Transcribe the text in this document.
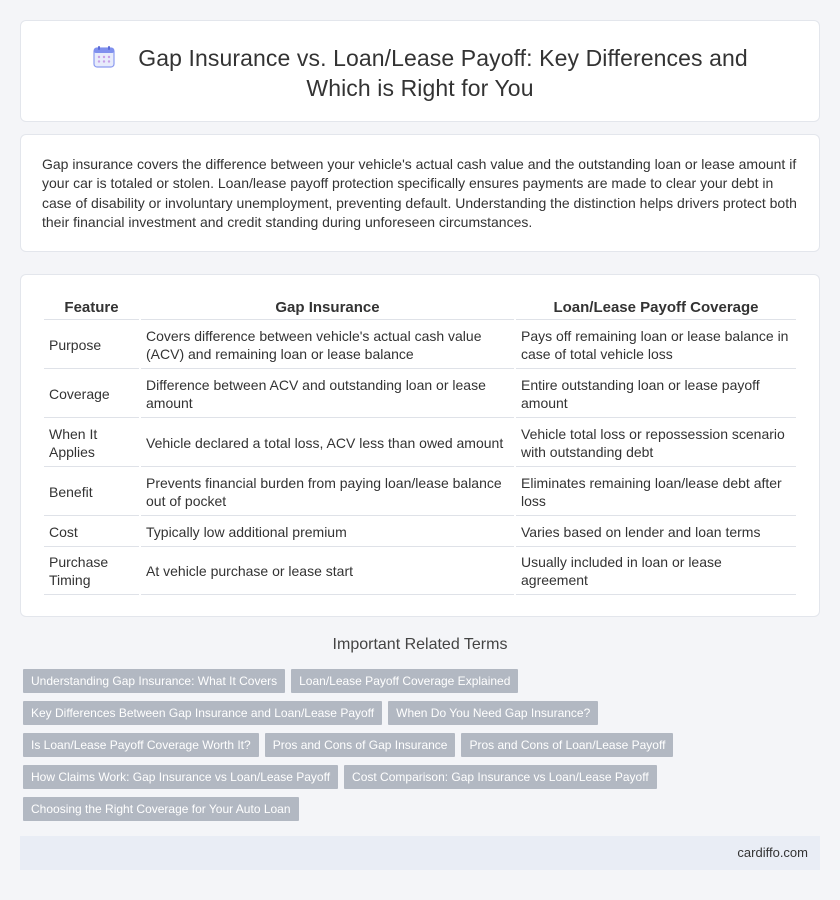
Gap Insurance vs. Loan/Lease Payoff: Key Differences and Which is Right for You

Gap insurance covers the difference between your vehicle's actual cash value and the outstanding loan or lease amount if your car is totaled or stolen. Loan/lease payoff protection specifically ensures payments are made to clear your debt in case of disability or involuntary unemployment, preventing default. Understanding the distinction helps drivers protect both their financial investment and credit standing during unforeseen circumstances.

Feature	Gap Insurance	Loan/Lease Payoff Coverage
Purpose	Covers difference between vehicle's actual cash value (ACV) and remaining loan or lease balance	Pays off remaining loan or lease balance in case of total vehicle loss
Coverage	Difference between ACV and outstanding loan or lease amount	Entire outstanding loan or lease payoff amount
When It Applies	Vehicle declared a total loss, ACV less than owed amount	Vehicle total loss or repossession scenario with outstanding debt
Benefit	Prevents financial burden from paying loan/lease balance out of pocket	Eliminates remaining loan/lease debt after loss
Cost	Typically low additional premium	Varies based on lender and loan terms
Purchase Timing	At vehicle purchase or lease start	Usually included in loan or lease agreement
Important Related Terms
Understanding Gap Insurance: What It Covers Loan/Lease Payoff Coverage Explained
Key Differences Between Gap Insurance and Loan/Lease Payoff When Do You Need Gap Insurance?
Is Loan/Lease Payoff Coverage Worth It? Pros and Cons of Gap Insurance Pros and Cons of Loan/Lease Payoff
How Claims Work: Gap Insurance vs Loan/Lease Payoff Cost Comparison: Gap Insurance vs Loan/Lease Payoff
Choosing the Right Coverage for Your Auto Loan
cardiffo.com
